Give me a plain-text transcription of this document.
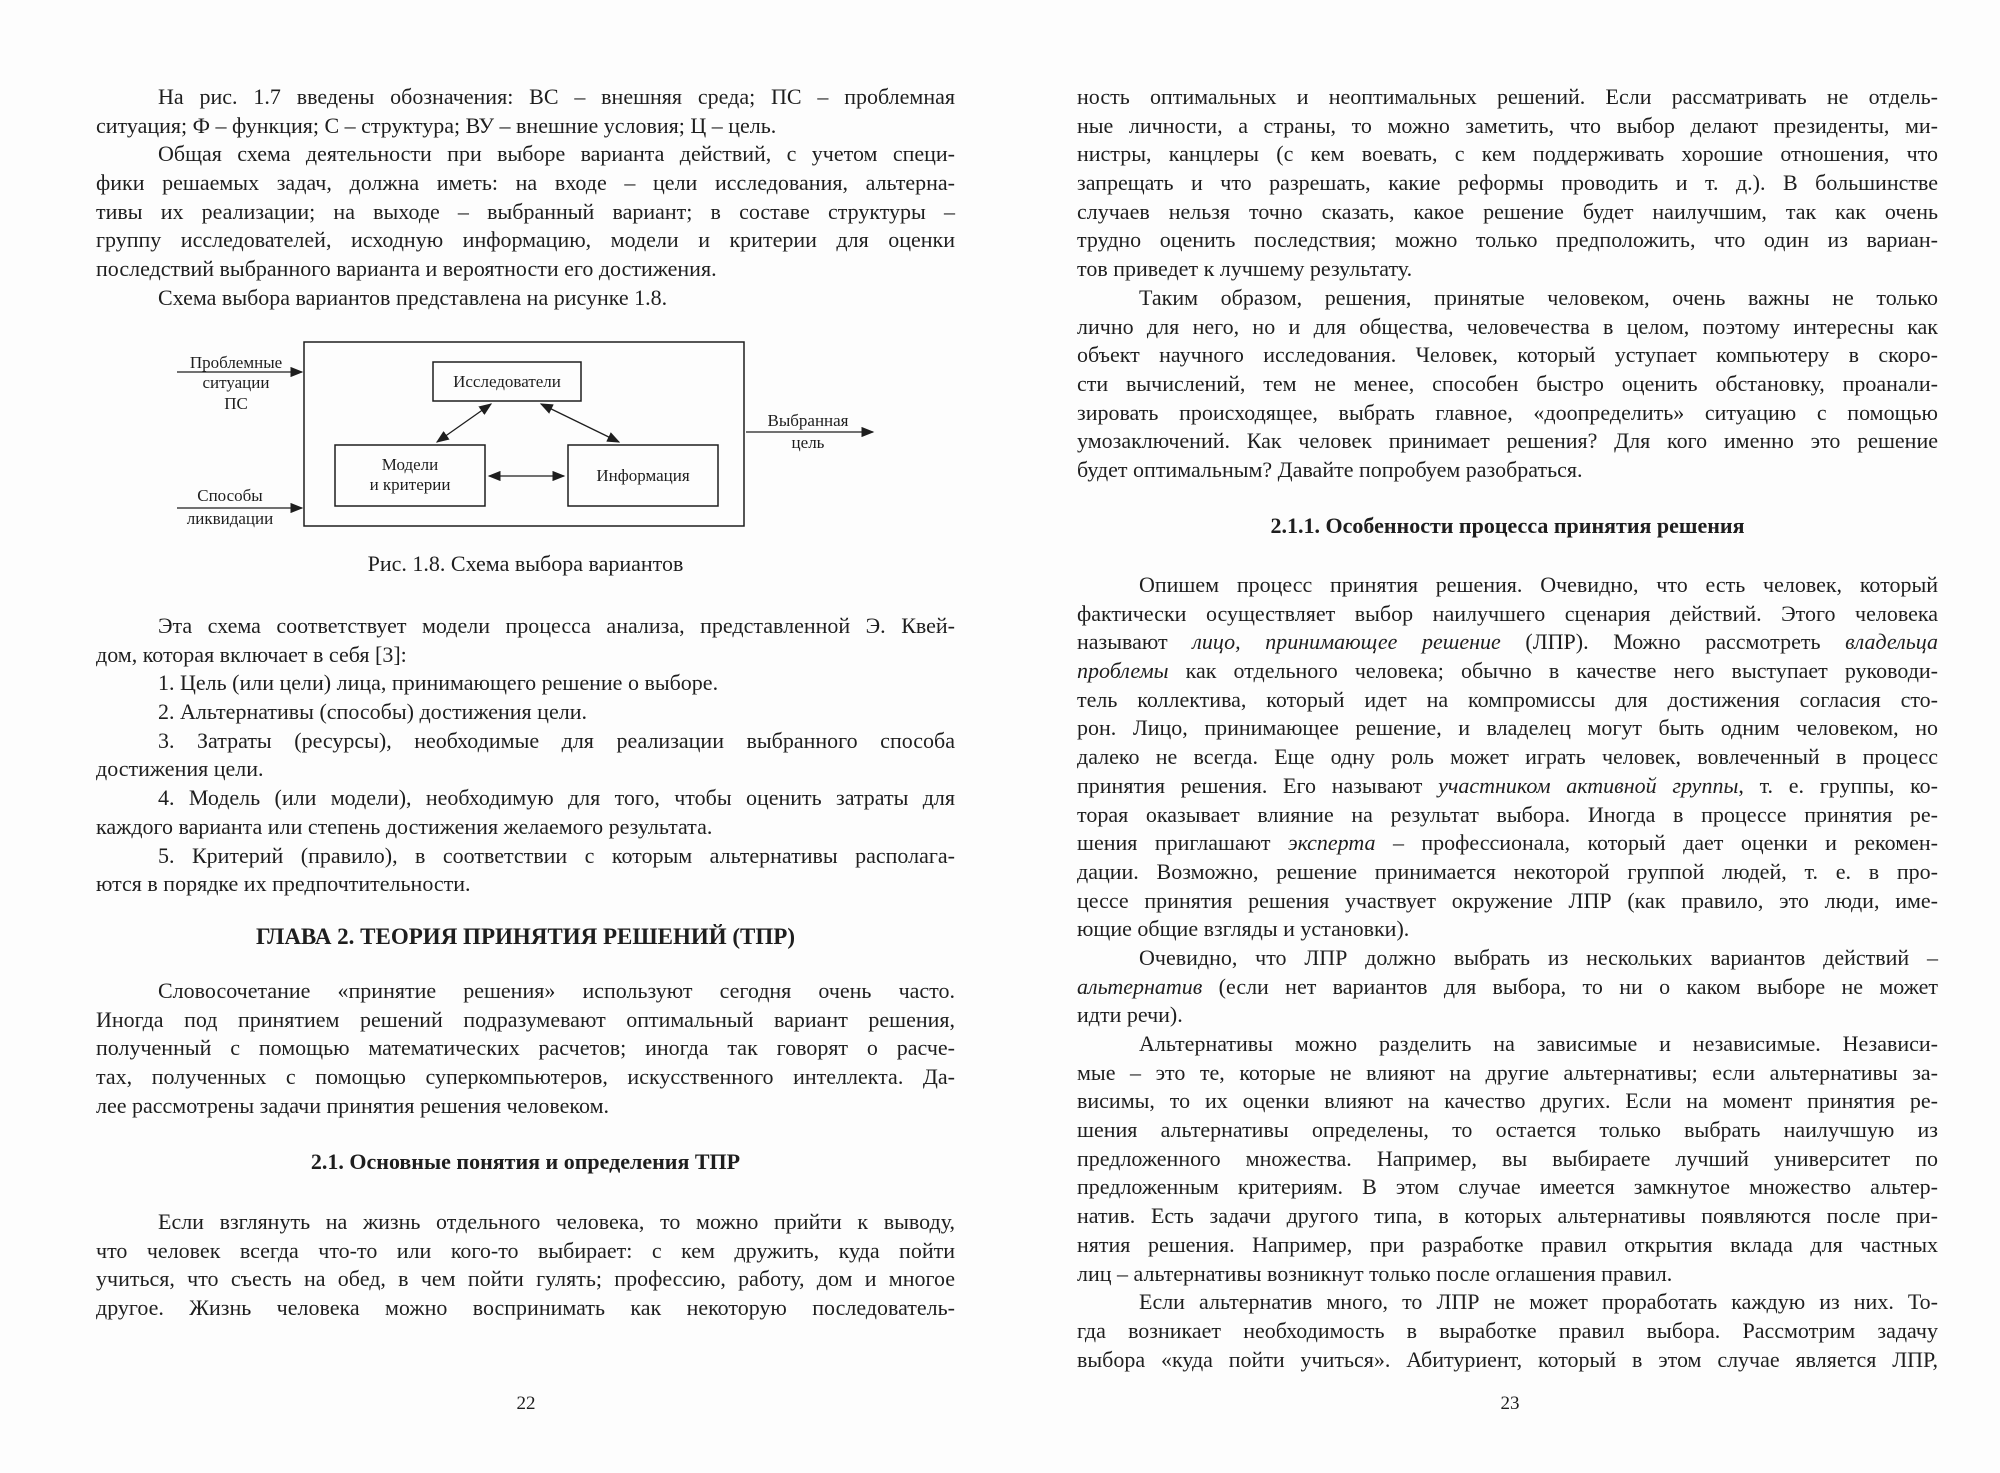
На рис. 1.7 введены обозначения: ВС – внешняя среда; ПС – проблемная
ситуация; Ф – функция; С – структура; ВУ – внешние условия; Ц – цель.
Общая схема деятельности при выборе варианта действий, с учетом специ-
фики решаемых задач, должна иметь: на входе – цели исследования, альтерна-
тивы их реализации; на выходе – выбранный вариант; в составе структуры –
группу исследователей, исходную информацию, модели и критерии для оценки
последствий выбранного варианта и вероятности его достижения.
Схема выбора вариантов представлена на рисунке 1.8.
Проблемные
ситуации
ПС
Способы
ликвидации
Выбранная
цель
Исследователи
Модели
и критерии	Информация
Рис. 1.8. Схема выбора вариантов
Эта схема соответствует модели процесса анализа, представленной Э. Квей-
дом, которая включает в себя [3]:
1. Цель (или цели) лица, принимающего решение о выборе.
2. Альтернативы (способы) достижения цели.
3. Затраты (ресурсы), необходимые для реализации выбранного способа
достижения цели.
4. Модель (или модели), необходимую для того, чтобы оценить затраты для
каждого варианта или степень достижения желаемого результата.
5. Критерий (правило), в соответствии с которым альтернативы располага-
ются в порядке их предпочтительности.
ГЛАВА 2. ТЕОРИЯ ПРИНЯТИЯ РЕШЕНИЙ (ТПР)
Словосочетание «принятие решения» используют сегодня очень часто.
Иногда под принятием решений подразумевают оптимальный вариант решения,
полученный с помощью математических расчетов; иногда так говорят о расче-
тах, полученных с помощью суперкомпьютеров, искусственного интеллекта. Да-
лее рассмотрены задачи принятия решения человеком.
2.1. Основные понятия и определения ТПР
Если взглянуть на жизнь отдельного человека, то можно прийти к выводу,
что человек всегда что-то или кого-то выбирает: с кем дружить, куда пойти
учиться, что съесть на обед, в чем пойти гулять; профессию, работу, дом и многое
другое. Жизнь человека можно воспринимать как некоторую последователь-
22
ность оптимальных и неоптимальных решений. Если рассматривать не отдель-
ные личности, а страны, то можно заметить, что выбор делают президенты, ми-
нистры, канцлеры (с кем воевать, с кем поддерживать хорошие отношения, что
запрещать и что разрешать, какие реформы проводить и т. д.). В большинстве
случаев нельзя точно сказать, какое решение будет наилучшим, так как очень
трудно оценить последствия; можно только предположить, что один из вариан-
тов приведет к лучшему результату.
Таким образом, решения, принятые человеком, очень важны не только
лично для него, но и для общества, человечества в целом, поэтому интересны как
объект научного исследования. Человек, который уступает компьютеру в скоро-
сти вычислений, тем не менее, способен быстро оценить обстановку, проанали-
зировать происходящее, выбрать главное, «доопределить» ситуацию с помощью
умозаключений. Как человек принимает решения? Для кого именно это решение
будет оптимальным? Давайте попробуем разобраться.
2.1.1. Особенности процесса принятия решения
Опишем процесс принятия решения. Очевидно, что есть человек, который
фактически осуществляет выбор наилучшего сценария действий. Этого человека
называют лицо, принимающее решение (ЛПР). Можно рассмотреть владельца
проблемы как отдельного человека; обычно в качестве него выступает руководи-
тель коллектива, который идет на компромиссы для достижения согласия сто-
рон. Лицо, принимающее решение, и владелец могут быть одним человеком, но
далеко не всегда. Еще одну роль может играть человек, вовлеченный в процесс
принятия решения. Его называют участником активной группы, т. е. группы, ко-
торая оказывает влияние на результат выбора. Иногда в процессе принятия ре-
шения приглашают эксперта – профессионала, который дает оценки и рекомен-
дации. Возможно, решение принимается некоторой группой людей, т. е. в про-
цессе принятия решения участвует окружение ЛПР (как правило, это люди, име-
ющие общие взгляды и установки).
Очевидно, что ЛПР должно выбрать из нескольких вариантов действий –
альтернатив (если нет вариантов для выбора, то ни о каком выборе не может
идти речи).
Альтернативы можно разделить на зависимые и независимые. Независи-
мые – это те, которые не влияют на другие альтернативы; если альтернативы за-
висимы, то их оценки влияют на качество других. Если на момент принятия ре-
шения альтернативы определены, то остается только выбрать наилучшую из
предложенного множества. Например, вы выбираете лучший университет по
предложенным критериям. В этом случае имеется замкнутое множество альтер-
натив. Есть задачи другого типа, в которых альтернативы появляются после при-
нятия решения. Например, при разработке правил открытия вклада для частных
лиц – альтернативы возникнут только после оглашения правил.
Если альтернатив много, то ЛПР не может проработать каждую из них. То-
гда возникает необходимость в выработке правил выбора. Рассмотрим задачу
выбора «куда пойти учиться». Абитуриент, который в этом случае является ЛПР,
23
